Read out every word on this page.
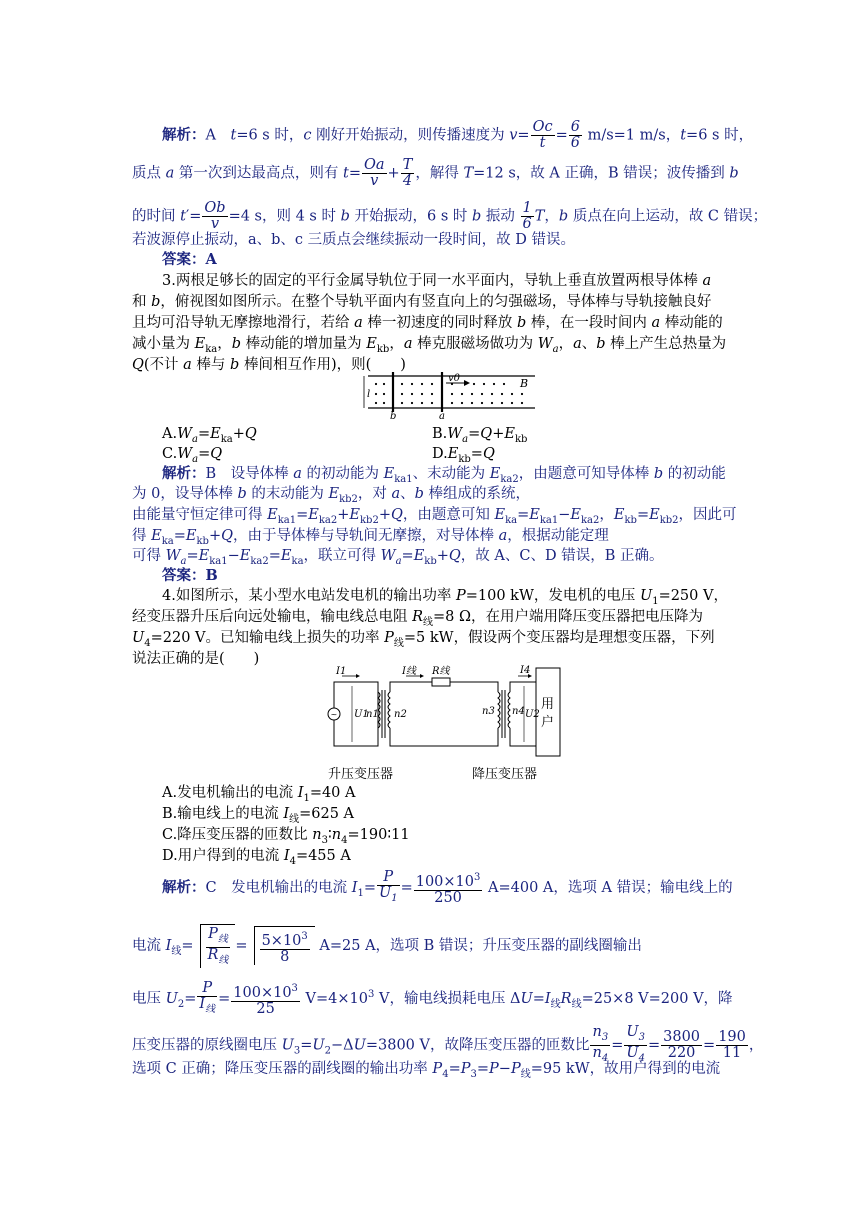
解析：A　t=6 s 时，c 刚好开始振动，则传播速度为 $v= \frac{Oc}{t} = \frac{6}{6} m/s=1$ m/s，t=6 s 时，
质点 a 第一次到达最高点，则有 $t= \frac{Oa}{v} + \frac{T}{4}$ ，解得 T=12 s，故 A 正确，B 错误；波传播到 b
的时间 $t'= \frac{Ob}{v} =4$ s，则 4 s 时 b 开始振动，6 s 时 b 振动 $\frac{1}{6}$ T，b 质点在向上运动，故 C 错误；
若波源停止振动，a、b、c 三质点会继续振动一段时间，故 D 错误。
答案：A
3.两根足够长的固定的平行金属导轨位于同一水平面内，导轨上垂直放置两根导体棒 a
和 b，俯视图如图所示。在整个导轨平面内有竖直向上的匀强磁场，导体棒与导轨接触良好
且均可沿导轨无摩擦地滑行，若给 a 棒一初速度的同时释放 b 棒，在一段时间内 a 棒动能的
减小量为 $E_{ka}$，b 棒动能的增加量为 $E_{kb}$，a 棒克服磁场做功为 $W_a$，a、b 棒上产生总热量为
Q(不计 a 棒与 b 棒间相互作用)，则(　　)
l
v0	B
b	a
$A.W_a=E_{ka}+Q$	$B.W_a=Q+E_{kb}$
$C.W_a=Q$	$D.E_{kb}=Q$
解析：B　设导体棒 a 的初动能为 $E_{ka1}$、末动能为 $E_{ka2}$，由题意可知导体棒 b 的初动能
为 0，设导体棒 b 的末动能为 $E_{kb2}$，对 a、b 棒组成的系统，
由能量守恒定律可得 $E_{ka1}=E_{ka2}+E_{kb2}+Q$，由题意可知 $E_{ka}=E_{ka1}-E_{ka2}$，$E_{kb}=E_{kb2}$，因此可
得 $E_{ka}=E_{kb}+Q$，由于导体棒与导轨间无摩擦，对导体棒 a，根据动能定理
可得 $W_a=E_{ka1}-E_{ka2}=E_{ka}$，联立可得 $W_a=E_{kb}+Q$，故 A、C、D 错误，B 正确。
答案：B
4.如图所示，某小型水电站发电机的输出功率 P=100 kW，发电机的电压 $U_1=250$ V，
经变压器升压后向远处输电，输电线总电阻 $R_线=8$ Ω，在用户端用降压变压器把电压降为
$U_4=220$ V。已知输电线上损失的功率 $P_线=5$ kW，假设两个变压器均是理想变压器，下列
说法正确的是(　　)
~
I1	I线 R线	I4
U1
n1 n2	n3 n4 U2
用
户
升压变压器	降压变压器
A.发电机输出的电流 $I_1=40$ A
B.输电线上的电流 $I_线=625$ A
C.降压变压器的匝数比 $n_3∶n_4=190∶11$
D.用户得到的电流 $I_4=455$ A
解析：C　发电机输出的电流 $I_1= \frac{P}{U_1} = \frac{100\times 10^3}{250} A=400$ A，选项 A 错误；输电线上的
电流 $I_线= \frac{P_线}{R_线} = \frac{5\times 10^3}{8} A=25$ A，选项 B 错误；升压变压器的副线圈输出
电压 $U_2= \frac{P}{I_线} = \frac{100\times 10^3}{25} V=4\times 10^3$ V，输电线损耗电压 $\Delta U=I_线R_线=25\times 8$ V=200 V，降
压变压器的原线圈电压 $U_3=U_2-\Delta U=3800$ V，故降压变压器的匝数比 $\frac{n_3}{n_4} = \frac{U_3}{U_4} = \frac{3800}{220} = \frac{190}{11}$ ，
选项 C 正确；降压变压器的副线圈的输出功率 $P_4=P_3=P-P_线=95$ kW，故用户得到的电流
